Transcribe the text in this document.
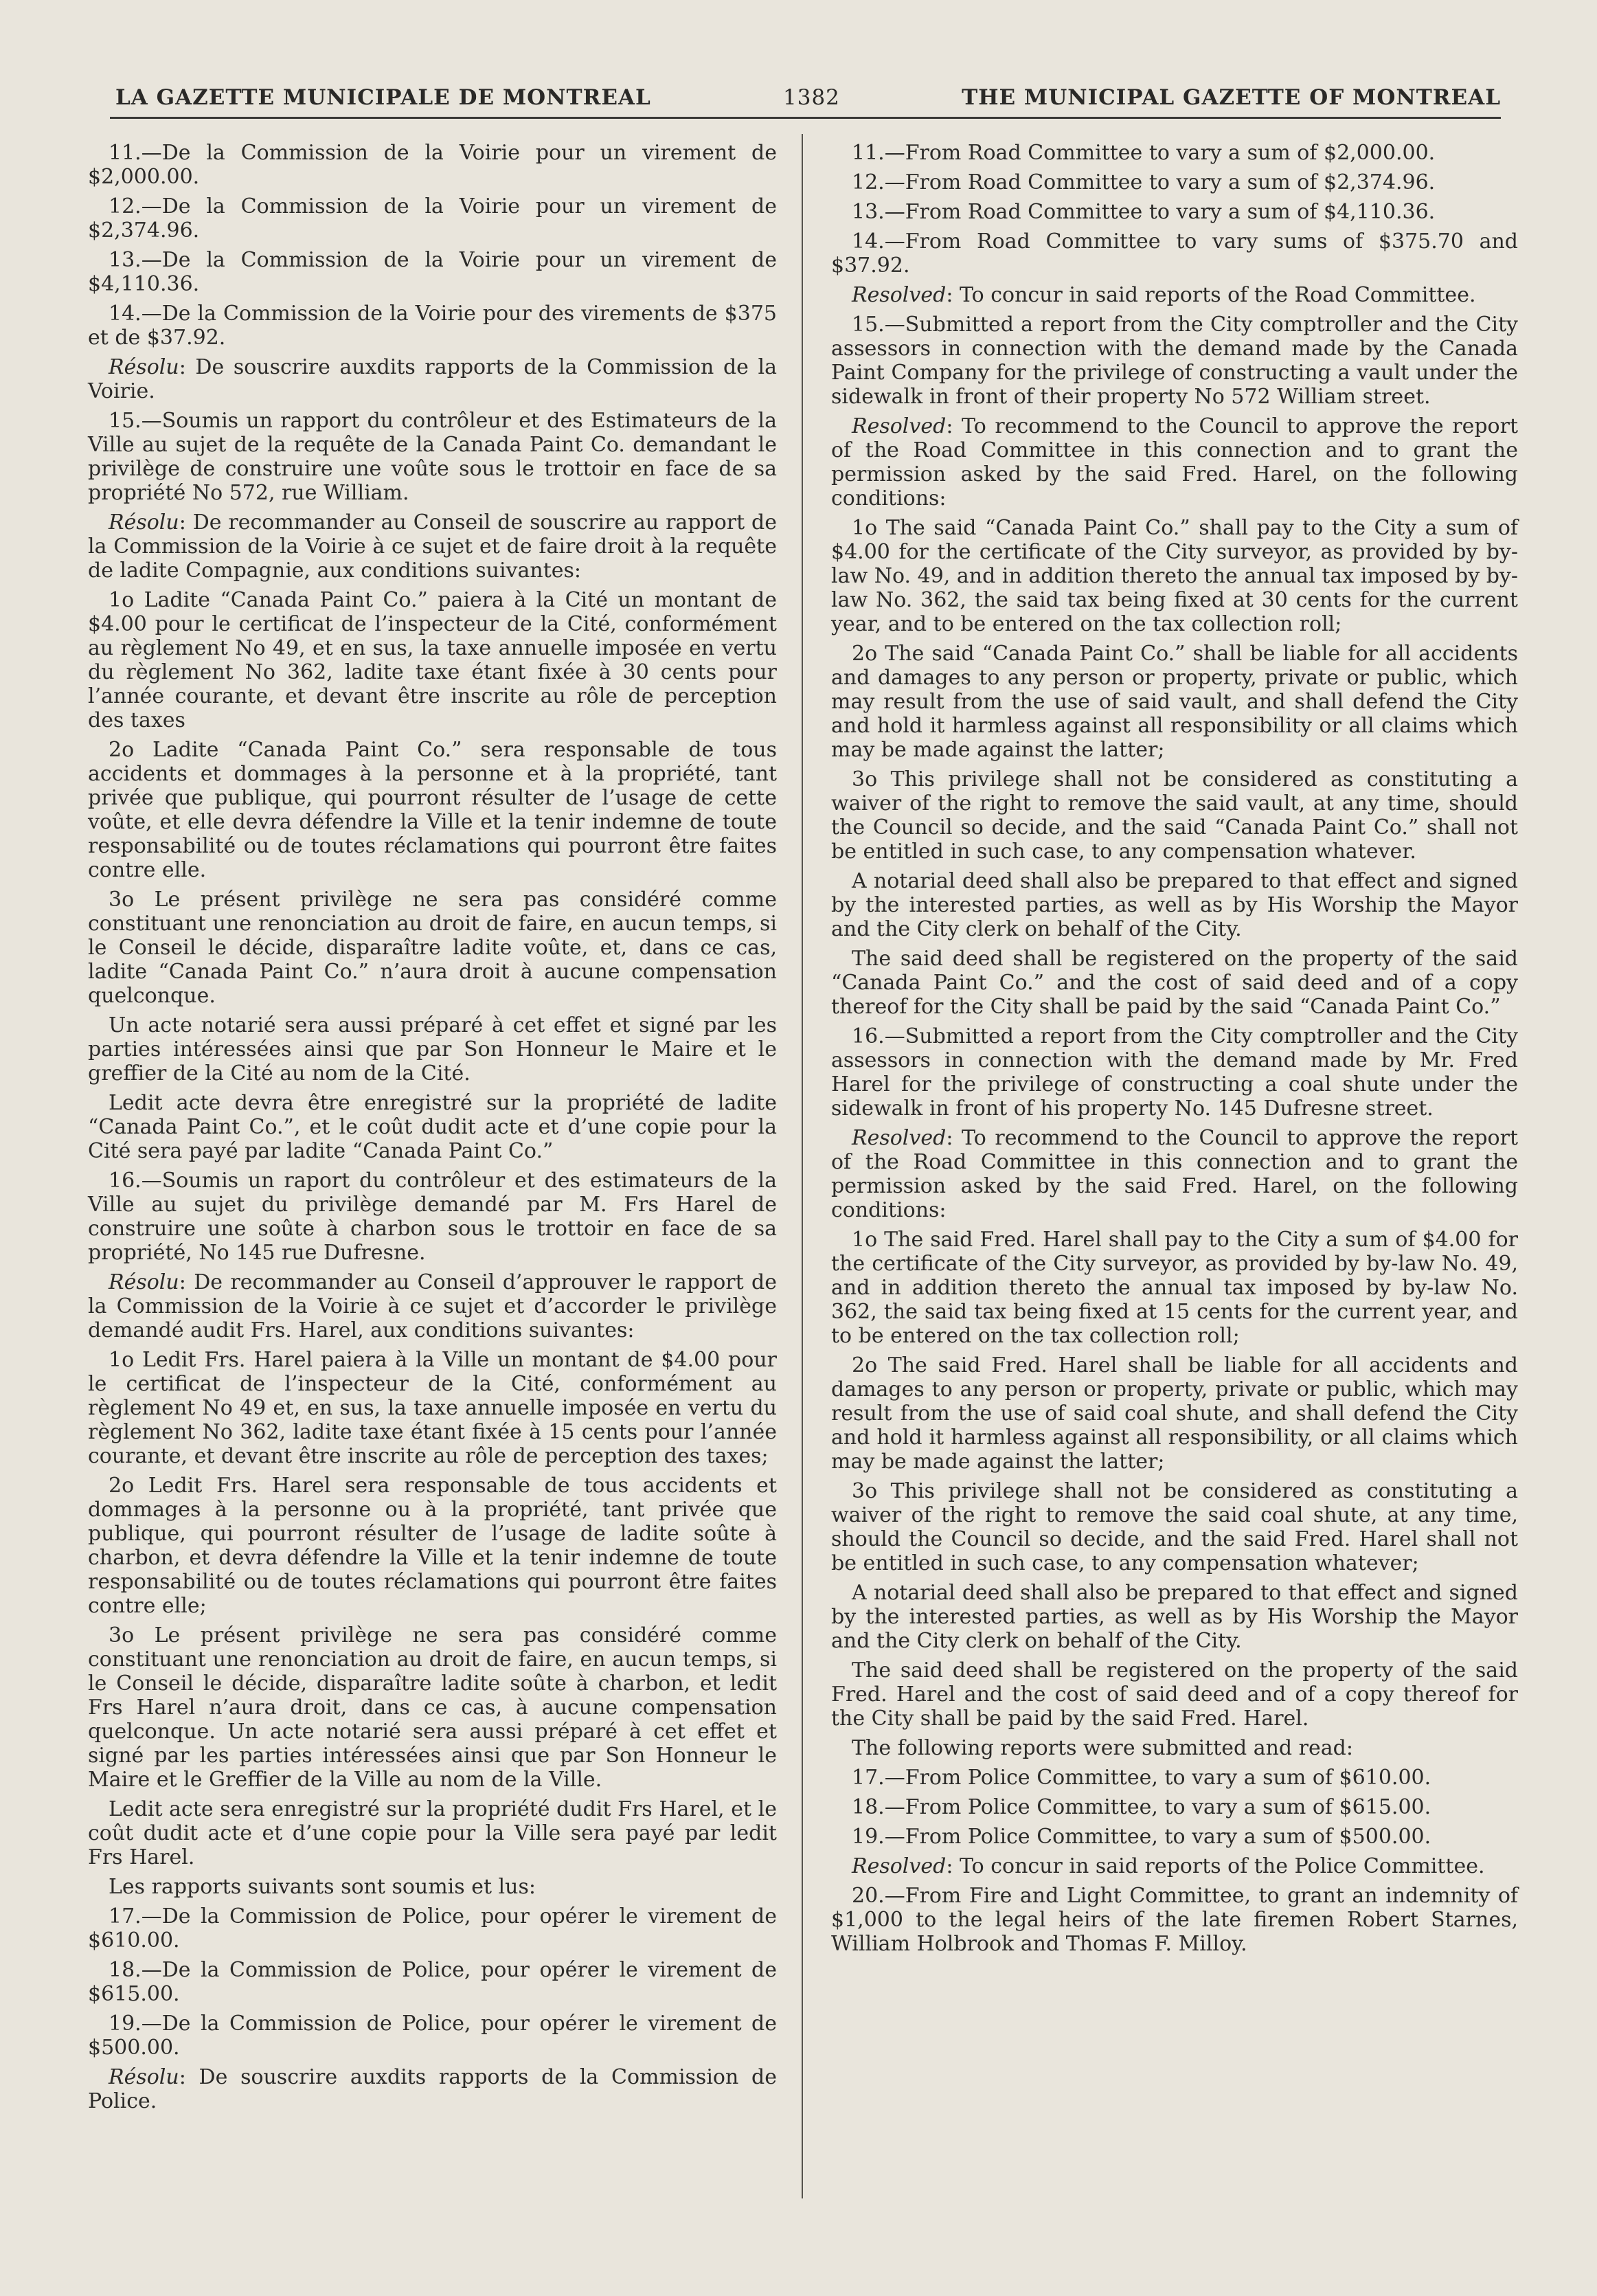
LA GAZETTE MUNICIPALE DE MONTREAL	1382	THE MUNICIPAL GAZETTE OF MONTREAL

11.—De la Commission de la Voirie pour un virement de $2,000.00.

12.—De la Commission de la Voirie pour un virement de $2,374.96.

13.—De la Commission de la Voirie pour un virement de $4,110.36.

14.—De la Commission de la Voirie pour des virements de $375 et de $37.92.

Résolu: De souscrire auxdits rapports de la Commission de la Voirie.

15.—Soumis un rapport du contrôleur et des Estimateurs de la Ville au sujet de la requête de la Canada Paint Co. demandant le privilège de construire une voûte sous le trottoir en face de sa propriété No 572, rue William.

Résolu: De recommander au Conseil de souscrire au rapport de la Commission de la Voirie à ce sujet et de faire droit à la requête de ladite Compagnie, aux conditions suivantes:

1o Ladite “Canada Paint Co.” paiera à la Cité un montant de $4.00 pour le certificat de l’inspecteur de la Cité, conformément au règlement No 49, et en sus, la taxe annuelle imposée en vertu du règlement No 362, ladite taxe étant fixée à 30 cents pour l’année courante, et devant être inscrite au rôle de perception des taxes

2o Ladite “Canada Paint Co.” sera responsable de tous accidents et dommages à la personne et à la propriété, tant privée que publique, qui pourront résulter de l’usage de cette voûte, et elle devra défendre la Ville et la tenir indemne de toute responsabilité ou de toutes réclamations qui pourront être faites contre elle.

3o Le présent privilège ne sera pas considéré comme constituant une renonciation au droit de faire, en aucun temps, si le Conseil le décide, disparaître ladite voûte, et, dans ce cas, ladite “Canada Paint Co.” n’aura droit à aucune compensation quelconque.

Un acte notarié sera aussi préparé à cet effet et signé par les parties intéressées ainsi que par Son Honneur le Maire et le greffier de la Cité au nom de la Cité.

Ledit acte devra être enregistré sur la propriété de ladite “Canada Paint Co.”, et le coût dudit acte et d’une copie pour la Cité sera payé par ladite “Canada Paint Co.”

16.—Soumis un raport du contrôleur et des estimateurs de la Ville au sujet du privilège demandé par M. Frs Harel de construire une soûte à charbon sous le trottoir en face de sa propriété, No 145 rue Dufresne.

Résolu: De recommander au Conseil d’approuver le rapport de la Commission de la Voirie à ce sujet et d’accorder le privilège demandé audit Frs. Harel, aux conditions suivantes:

1o Ledit Frs. Harel paiera à la Ville un montant de $4.00 pour le certificat de l’inspecteur de la Cité, conformément au règlement No 49 et, en sus, la taxe annuelle imposée en vertu du règlement No 362, ladite taxe étant fixée à 15 cents pour l’année courante, et devant être inscrite au rôle de perception des taxes;

2o Ledit Frs. Harel sera responsable de tous accidents et dommages à la personne ou à la propriété, tant privée que publique, qui pourront résulter de l’usage de ladite soûte à charbon, et devra défendre la Ville et la tenir indemne de toute responsabilité ou de toutes réclamations qui pourront être faites contre elle;

3o Le présent privilège ne sera pas considéré comme constituant une renonciation au droit de faire, en aucun temps, si le Conseil le décide, disparaître ladite soûte à charbon, et ledit Frs Harel n’aura droit, dans ce cas, à aucune compensation quelconque. Un acte notarié sera aussi préparé à cet effet et signé par les parties intéressées ainsi que par Son Honneur le Maire et le Greffier de la Ville au nom de la Ville.

Ledit acte sera enregistré sur la propriété dudit Frs Harel, et le coût dudit acte et d’une copie pour la Ville sera payé par ledit Frs Harel.

Les rapports suivants sont soumis et lus:

17.—De la Commission de Police, pour opérer le virement de $610.00.

18.—De la Commission de Police, pour opérer le virement de $615.00.

19.—De la Commission de Police, pour opérer le virement de $500.00.

Résolu: De souscrire auxdits rapports de la Commission de Police.

11.—From Road Committee to vary a sum of $2,000.00.

12.—From Road Committee to vary a sum of $2,374.96.

13.—From Road Committee to vary a sum of $4,110.36.

14.—From Road Committee to vary sums of $375.70 and $37.92.

Resolved: To concur in said reports of the Road Committee.

15.—Submitted a report from the City comptroller and the City assessors in connection with the demand made by the Canada Paint Company for the privilege of constructing a vault under the sidewalk in front of their property No 572 William street.

Resolved: To recommend to the Council to approve the report of the Road Committee in this connection and to grant the permission asked by the said Fred. Harel, on the following conditions:

1o The said “Canada Paint Co.” shall pay to the City a sum of $4.00 for the certificate of the City surveyor, as provided by by-law No. 49, and in addition thereto the annual tax imposed by by-law No. 362, the said tax being fixed at 30 cents for the current year, and to be entered on the tax collection roll;

2o The said “Canada Paint Co.” shall be liable for all accidents and damages to any person or property, private or public, which may result from the use of said vault, and shall defend the City and hold it harmless against all responsibility or all claims which may be made against the latter;

3o This privilege shall not be considered as constituting a waiver of the right to remove the said vault, at any time, should the Council so decide, and the said “Canada Paint Co.” shall not be entitled in such case, to any compensation whatever.

A notarial deed shall also be prepared to that effect and signed by the interested parties, as well as by His Worship the Mayor and the City clerk on behalf of the City.

The said deed shall be registered on the property of the said “Canada Paint Co.” and the cost of said deed and of a copy thereof for the City shall be paid by the said “Canada Paint Co.”

16.—Submitted a report from the City comptroller and the City assessors in connection with the demand made by Mr. Fred Harel for the privilege of constructing a coal shute under the sidewalk in front of his property No. 145 Dufresne street.

Resolved: To recommend to the Council to approve the report of the Road Committee in this connection and to grant the permission asked by the said Fred. Harel, on the following conditions:

1o The said Fred. Harel shall pay to the City a sum of $4.00 for the certificate of the City surveyor, as provided by by-law No. 49, and in addition thereto the annual tax imposed by by-law No. 362, the said tax being fixed at 15 cents for the current year, and to be entered on the tax collection roll;

2o The said Fred. Harel shall be liable for all accidents and damages to any person or property, private or public, which may result from the use of said coal shute, and shall defend the City and hold it harmless against all responsibility, or all claims which may be made against the latter;

3o This privilege shall not be considered as constituting a waiver of the right to remove the said coal shute, at any time, should the Council so decide, and the said Fred. Harel shall not be entitled in such case, to any compensation whatever;

A notarial deed shall also be prepared to that effect and signed by the interested parties, as well as by His Worship the Mayor and the City clerk on behalf of the City.

The said deed shall be registered on the property of the said Fred. Harel and the cost of said deed and of a copy thereof for the City shall be paid by the said Fred. Harel.

The following reports were submitted and read:

17.—From Police Committee, to vary a sum of $610.00.

18.—From Police Committee, to vary a sum of $615.00.

19.—From Police Committee, to vary a sum of $500.00.

Resolved: To concur in said reports of the Police Committee.

20.—From Fire and Light Committee, to grant an indemnity of $1,000 to the legal heirs of the late firemen Robert Starnes, William Holbrook and Thomas F. Milloy.
